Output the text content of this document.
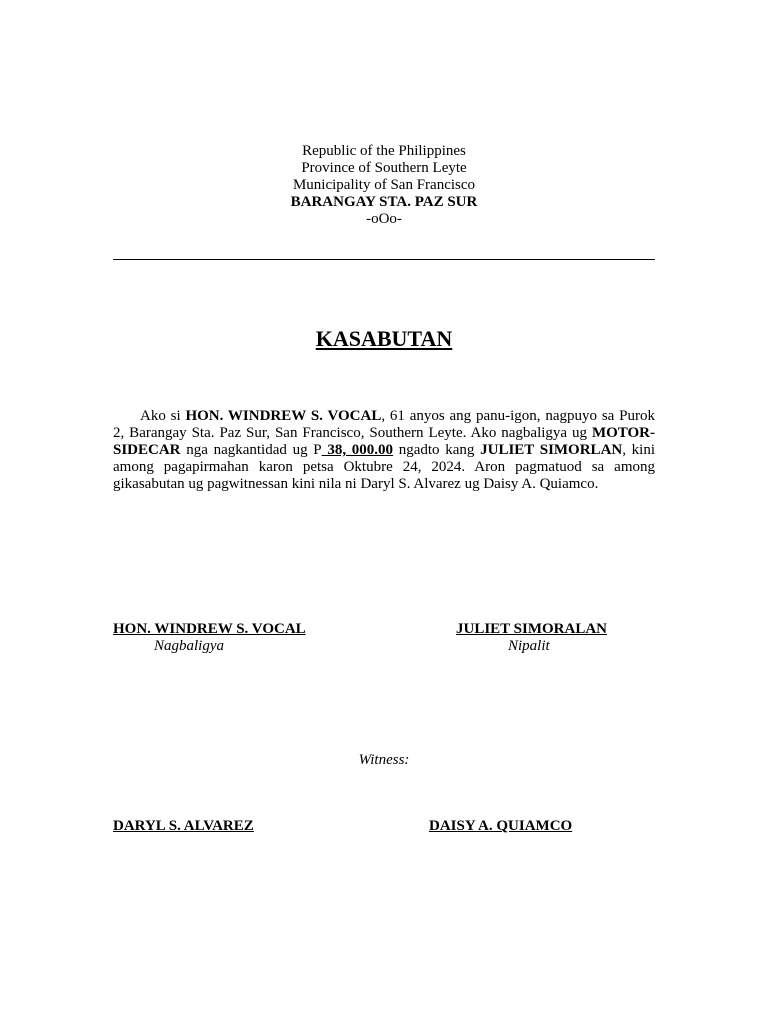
Republic of the Philippines
Province of Southern Leyte
Municipality of San Francisco
BARANGAY STA. PAZ SUR
-oOo-
KASABUTAN

Ako si HON. WINDREW S. VOCAL, 61 anyos ang panu-igon, nagpuyo sa Purok 2, Barangay Sta. Paz Sur, San Francisco, Southern Leyte. Ako nagbaligya ug MOTOR-SIDECAR nga nagkantidad ug P 38, 000.00 ngadto kang JULIET SIMORLAN, kini among pagapirmahan karon petsa Oktubre 24, 2024. Aron pagmatuod sa among gikasabutan ug pagwitnessan kini nila ni Daryl S. Alvarez ug Daisy A. Quiamco.

HON. WINDREW S. VOCAL
Nagbaligya
JULIET SIMORALAN
Nipalit
Witness:
DARYL S. ALVAREZ	DAISY A. QUIAMCO
